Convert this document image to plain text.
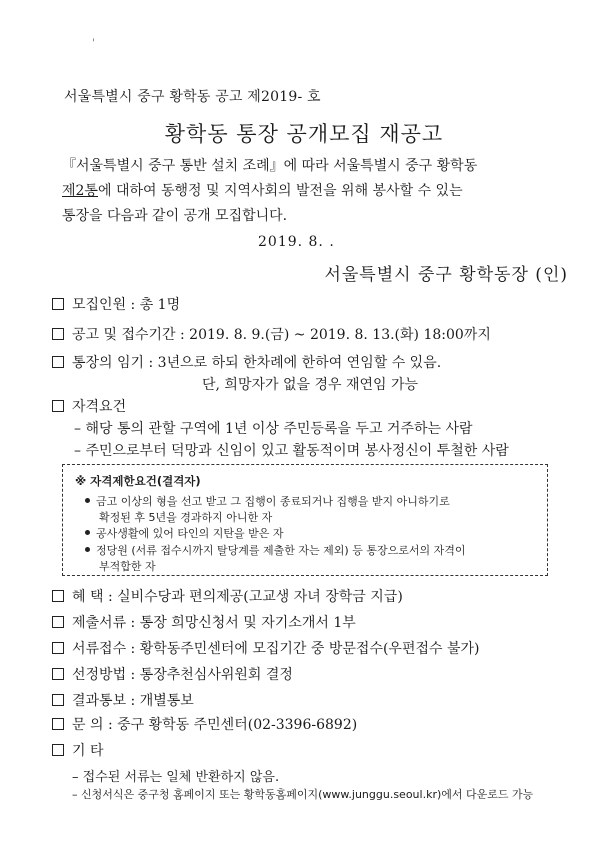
'
서울특별시 중구 황학동 공고 제2019- 호
황학동 통장 공개모집 재공고
『서울특별시 중구 통반 설치 조례』에 따라 서울특별시 중구 황학동
제2통에 대하여 동행정 및 지역사회의 발전을 위해 봉사할 수 있는
통장을 다음과 같이 공개 모집합니다.
2019. 8. .
서울특별시 중구 황학동장 (인)
모집인원 : 총 1명
공고 및 접수기간 : 2019. 8. 9.(금) ~ 2019. 8. 13.(화) 18:00까지
통장의 임기 : 3년으로 하되 한차례에 한하여 연임할 수 있음.
단, 희망자가 없을 경우 재연임 가능
자격요건
– 해당 통의 관할 구역에 1년 이상 주민등록을 두고 거주하는 사람
– 주민으로부터 덕망과 신임이 있고 활동적이며 봉사정신이 투철한 사람
※ 자격제한요건(결격자)
금고 이상의 형을 선고 받고 그 집행이 종료되거나 집행을 받지 아니하기로
확정된 후 5년을 경과하지 아니한 자
공사생활에 있어 타인의 지탄을 받은 자
정당원 (서류 접수시까지 탈당계를 제출한 자는 제외) 등 통장으로서의 자격이
부적합한 자
혜 택 : 실비수당과 편의제공(고교생 자녀 장학금 지급)
제출서류 : 통장 희망신청서 및 자기소개서 1부
서류접수 : 황학동주민센터에 모집기간 중 방문접수(우편접수 불가)
선정방법 : 통장추천심사위원회 결정
결과통보 : 개별통보
문 의 : 중구 황학동 주민센터(02-3396-6892)
기 타
– 접수된 서류는 일체 반환하지 않음.
– 신청서식은 중구청 홈페이지 또는 황학동홈페이지(www.junggu.seoul.kr)에서 다운로드 가능
